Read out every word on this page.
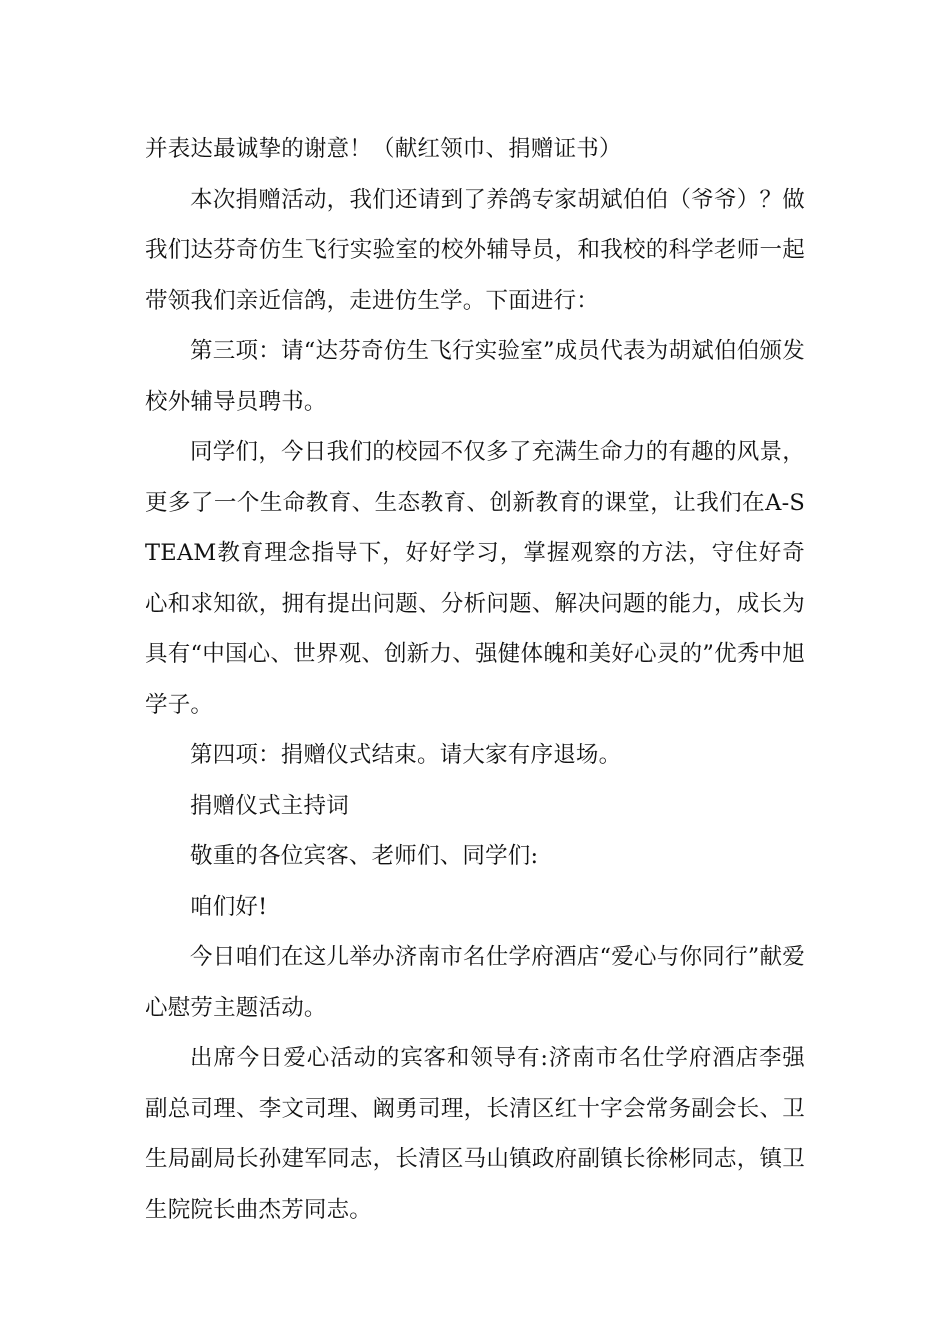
并表达最诚挚的谢意！（献红领巾、捐赠证书）

本次捐赠活动，我们还请到了养鸽专家胡斌伯伯（爷爷）？做我们达芬奇仿生飞行实验室的校外辅导员，和我校的科学老师一起带领我们亲近信鸽，走进仿生学。下面进行：

第三项：请“达芬奇仿生飞行实验室”成员代表为胡斌伯伯颁发校外辅导员聘书。

同学们，今日我们的校园不仅多了充满生命力的有趣的风景，更多了一个生命教育、生态教育、创新教育的课堂，让我们在A-STEAM教育理念指导下，好好学习，掌握观察的方法，守住好奇心和求知欲，拥有提出问题、分析问题、解决问题的能力，成长为具有“中国心、世界观、创新力、强健体魄和美好心灵的”优秀中旭学子。

第四项：捐赠仪式结束。请大家有序退场。

捐赠仪式主持词

敬重的各位宾客、老师们、同学们:

咱们好!

今日咱们在这儿举办济南市名仕学府酒店“爱心与你同行”献爱心慰劳主题活动。

出席今日爱心活动的宾客和领导有:济南市名仕学府酒店李强副总司理、李文司理、阚勇司理，长清区红十字会常务副会长、卫生局副局长孙建军同志，长清区马山镇政府副镇长徐彬同志，镇卫生院院长曲杰芳同志。
